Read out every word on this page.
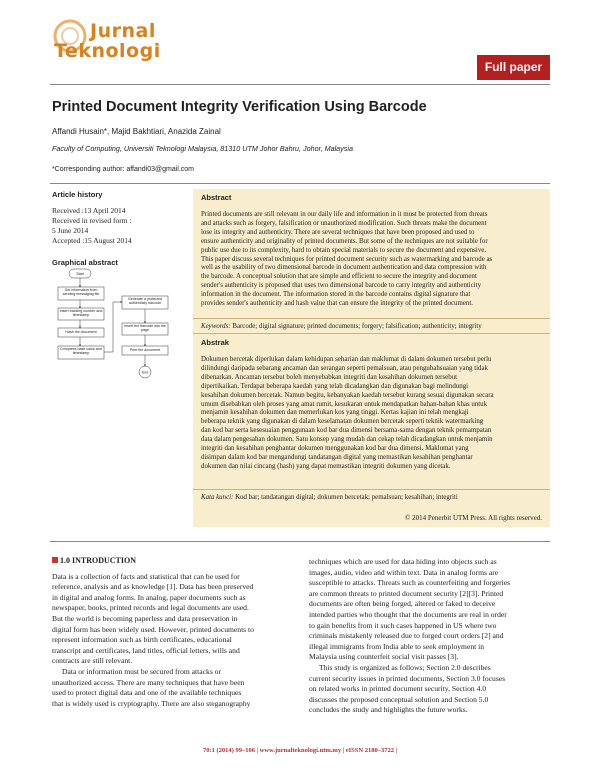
Jurnal
Teknologi
Full paper
Printed Document Integrity Verification Using Barcode
Affandi Husain*, Majid Bakhtiari, Anazida Zainal
Faculty of Computing, Universiti Teknologi Malaysia, 81310 UTM Johor Bahru, Johor, Malaysia
*Corresponding author: affandi03@gmail.com
Article history
Received :13 April 2014
Received in revised form :
5 June 2014
Accepted :15 August 2014
Graphical abstract
Start
Get information from sending messaging file
Insert tracking number and timestamp
Hash the document
Compress hash value and timestamp
Generate a protected authenticity barcode
Insert the barcode into the page
Print the document
End
Abstract
Printed documents are still relevant in our daily life and information in it must be protected from threats
and attacks such as forgery, falsification or unauthorized modification. Such threats make the document
lose its integrity and authenticity. There are several techniques that have been proposed and used to
ensure authenticity and originality of printed documents. But some of the techniques are not suitable for
public use due to its complexity, hard to obtain special materials to secure the document and expensive.
This paper discuss several techniques for printed document security such as watermarking and barcode as
well as the usability of two dimensional barcode in document authentication and data compression with
the barcode. A conceptual solution that are simple and efficient to secure the integrity and document
sender's authenticity is proposed that uses two dimensional barcode to carry integrity and authenticity
information in the document. The information stored in the barcode contains digital signature that
provides sender's authenticity and hash value that can ensure the integrity of the printed document.
Keywords: Barcode; digital signature; printed documents; forgery; falsification; authenticity; integrity
Abstrak
Dokumen bercetak diperlukan dalam kehidupan seharian dan maklumat di dalam dokumen tersebut perlu
dilindungi daripada sebarang ancaman dan serangan seperti pemalsuan, atau pengubahsuaian yang tidak
dibenarkan. Ancaman tersebut boleh menyebabkan integriti dan kesahihan dokumen tersebut
dipertikaikan. Terdapat beberapa kaedah yang telah dicadangkan dan digunakan bagi melindungi
kesahihan dokumen bercetak. Namun begitu, kebanyakan kaedah tersebut kurang sesuai digunakan secara
umum disebabkan oleh proses yang amat rumit, kesukaran untuk mendapatkan bahan-bahan khas untuk
menjamin kesahihan dokumen dan memerlukan kos yang tinggi. Kertas kajian ini telah mengkaji
beberapa teknik yang digunakan di dalam keselamatan dokumen bercetak seperti teknik watermarking
dan kod bar serta kesesuaian penggunaan kod bar dua dimensi bersama-sama dengan teknik pemampatan
data dalam pengesahan dokumen. Satu konsep yang mudah dan cekap telah dicadangkan untuk menjamin
integriti dan kesahihan penghantar dokumen menggunakan kod bar dua dimensi. Maklumat yang
disimpan dalam kod bar mengandungi tandatangan digital yang memastikan kesahihan penghantar
dokumen dan nilai cincang (hash) yang dapat memastikan integriti dokumen yang dicetak.
Kata kunci: Kod bar; tandatangan digital; dokumen bercetak; pemalsuan; kesahihan; integriti
© 2014 Penerbit UTM Press. All rights reserved.

1.0 INTRODUCTION

Data is a collection of facts and statistical that can be used for
reference, analysis and as knowledge [1]. Data has been preserved
in digital and analog forms. In analog, paper documents such as
newspaper, books, printed records and legal documents are used.
But the world is becoming paperless and data preservation in
digital form has been widely used. However, printed documents to
represent information such as birth certificates, educational
transcript and certificates, land titles, official letters, wills and
contracts are still relevant.
Data or information must be secured from attacks or
unauthorized access. There are many techniques that have been
used to protect digital data and one of the available techniques
that is widely used is cryptography. There are also steganography
techniques which are used for data hiding into objects such as
images, audio, video and within text. Data in analog forms are
susceptible to attacks. Threats such as counterfeiting and forgeries
are common threats to printed document security [2][3]. Printed
documents are often being forged, altered or faked to deceive
intended parties who thought that the documents are real in order
to gain benefits from it such cases happened in US where two
criminals mistakenly released due to forged court orders [2] and
illegal immigrants from India able to seek employment in
Malaysia using counterfeit social visit passes [3].
This study is organized as follows; Section 2.0 describes
current security issues in printed documents, Section 3.0 focuses
on related works in printed document security, Section 4.0
discusses the proposed conceptual solution and Section 5.0
concludes the study and highlights the future works.
70:1 (2014) 99–106 | www.jurnalteknologi.utm.my | eISSN 2180–3722 |
